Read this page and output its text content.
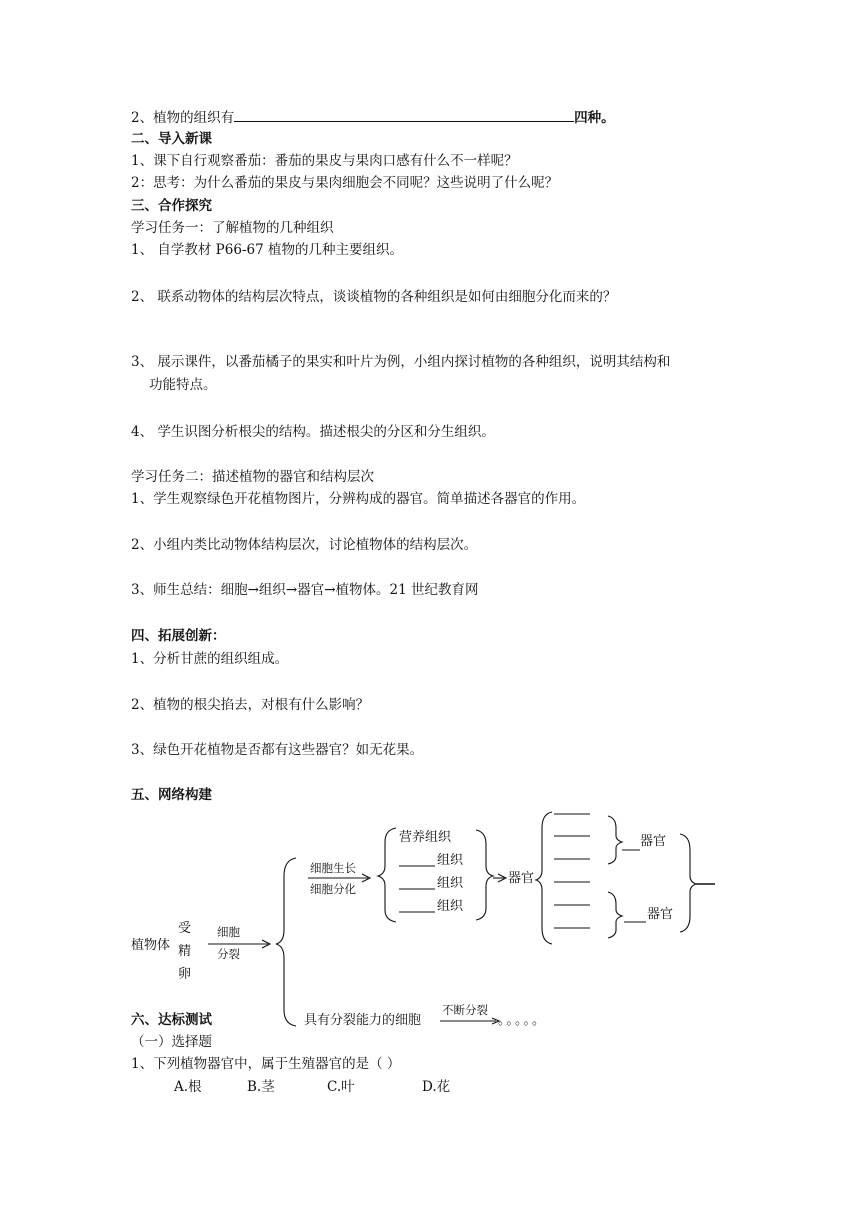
2、植物的组织有	四种。
二、导入新课
1、课下自行观察番茄：番茄的果皮与果肉口感有什么不一样呢？
2：思考：为什么番茄的果皮与果肉细胞会不同呢？这些说明了什么呢？
三、合作探究
学习任务一：了解植物的几种组织
1、 自学教材 P66-67 植物的几种主要组织。
2、 联系动物体的结构层次特点，谈谈植物的各种组织是如何由细胞分化而来的？
3、 展示课件，以番茄橘子的果实和叶片为例，小组内探讨植物的各种组织，说明其结构和
功能特点。
4、 学生识图分析根尖的结构。描述根尖的分区和分生组织。
学习任务二：描述植物的器官和结构层次
1、学生观察绿色开花植物图片，分辨构成的器官。简单描述各器官的作用。
2、小组内类比动物体结构层次，讨论植物体的结构层次。
3、师生总结：细胞→组织→器官→植物体。21 世纪教育网
四、拓展创新：
1、分析甘蔗的组织组成。
2、植物的根尖掐去，对根有什么影响？
3、绿色开花植物是否都有这些器官？如无花果。
五、网络构建
植物体
受
精
卵
细胞
分裂
细胞生长
细胞分化
营养组织
组织
组织
组织
器官
器官
器官
具有分裂能力的细胞
不断分裂
。。。。。
六、达标测试
（一）选择题
1、下列植物器官中，属于生殖器官的是（ ）
A.根	B.茎	C.叶	D.花
